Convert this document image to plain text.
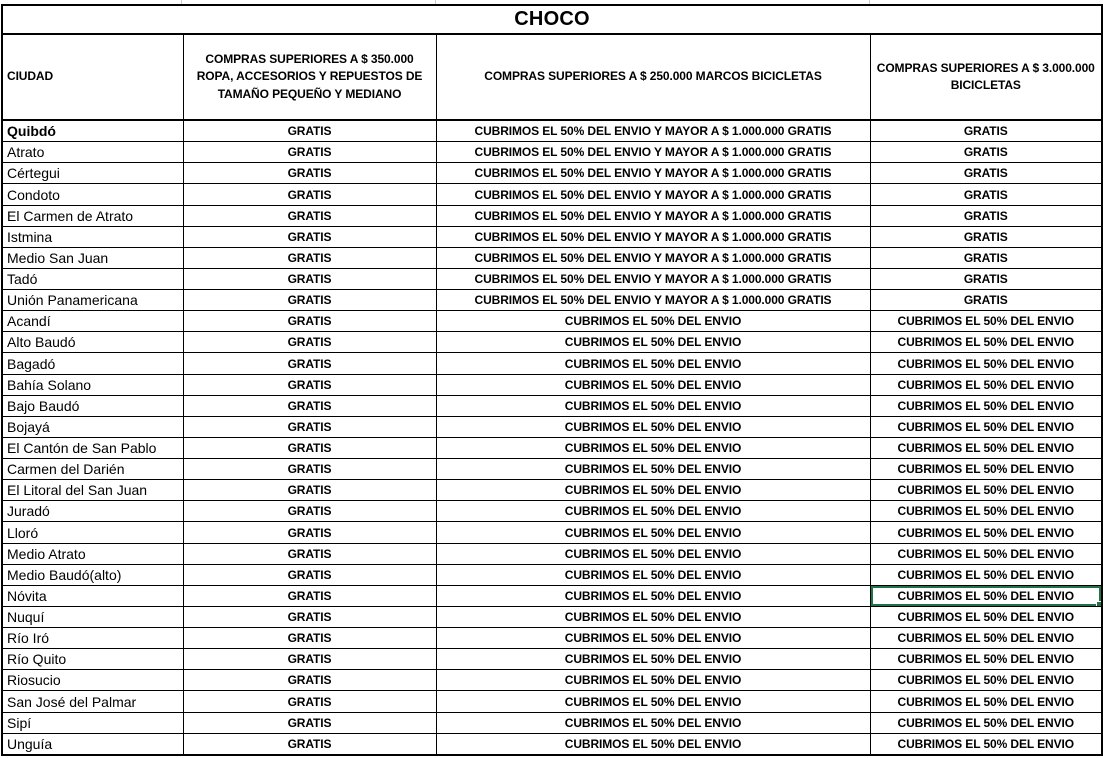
CHOCO			
CIUDAD	COMPRAS SUPERIORES A $ 350.000 ROPA, ACCESORIOS Y REPUESTOS DE TAMAÑO PEQUEÑO Y MEDIANO	COMPRAS SUPERIORES A $ 250.000 MARCOS BICICLETAS	COMPRAS SUPERIORES A $ 3.000.000 BICICLETAS
Quibdó	GRATIS	CUBRIMOS EL 50% DEL ENVIO Y MAYOR A $ 1.000.000 GRATIS	GRATIS
Atrato	GRATIS	CUBRIMOS EL 50% DEL ENVIO Y MAYOR A $ 1.000.000 GRATIS	GRATIS
Cértegui	GRATIS	CUBRIMOS EL 50% DEL ENVIO Y MAYOR A $ 1.000.000 GRATIS	GRATIS
Condoto	GRATIS	CUBRIMOS EL 50% DEL ENVIO Y MAYOR A $ 1.000.000 GRATIS	GRATIS
El Carmen de Atrato	GRATIS	CUBRIMOS EL 50% DEL ENVIO Y MAYOR A $ 1.000.000 GRATIS	GRATIS
Istmina	GRATIS	CUBRIMOS EL 50% DEL ENVIO Y MAYOR A $ 1.000.000 GRATIS	GRATIS
Medio San Juan	GRATIS	CUBRIMOS EL 50% DEL ENVIO Y MAYOR A $ 1.000.000 GRATIS	GRATIS
Tadó	GRATIS	CUBRIMOS EL 50% DEL ENVIO Y MAYOR A $ 1.000.000 GRATIS	GRATIS
Unión Panamericana	GRATIS	CUBRIMOS EL 50% DEL ENVIO Y MAYOR A $ 1.000.000 GRATIS	GRATIS
Acandí	GRATIS	CUBRIMOS EL 50% DEL ENVIO	CUBRIMOS EL 50% DEL ENVIO
Alto Baudó	GRATIS	CUBRIMOS EL 50% DEL ENVIO	CUBRIMOS EL 50% DEL ENVIO
Bagadó	GRATIS	CUBRIMOS EL 50% DEL ENVIO	CUBRIMOS EL 50% DEL ENVIO
Bahía Solano	GRATIS	CUBRIMOS EL 50% DEL ENVIO	CUBRIMOS EL 50% DEL ENVIO
Bajo Baudó	GRATIS	CUBRIMOS EL 50% DEL ENVIO	CUBRIMOS EL 50% DEL ENVIO
Bojayá	GRATIS	CUBRIMOS EL 50% DEL ENVIO	CUBRIMOS EL 50% DEL ENVIO
El Cantón de San Pablo	GRATIS	CUBRIMOS EL 50% DEL ENVIO	CUBRIMOS EL 50% DEL ENVIO
Carmen del Darién	GRATIS	CUBRIMOS EL 50% DEL ENVIO	CUBRIMOS EL 50% DEL ENVIO
El Litoral del San Juan	GRATIS	CUBRIMOS EL 50% DEL ENVIO	CUBRIMOS EL 50% DEL ENVIO
Juradó	GRATIS	CUBRIMOS EL 50% DEL ENVIO	CUBRIMOS EL 50% DEL ENVIO
Lloró	GRATIS	CUBRIMOS EL 50% DEL ENVIO	CUBRIMOS EL 50% DEL ENVIO
Medio Atrato	GRATIS	CUBRIMOS EL 50% DEL ENVIO	CUBRIMOS EL 50% DEL ENVIO
Medio Baudó(alto)	GRATIS	CUBRIMOS EL 50% DEL ENVIO	CUBRIMOS EL 50% DEL ENVIO
Nóvita	GRATIS	CUBRIMOS EL 50% DEL ENVIO	CUBRIMOS EL 50% DEL ENVIO

Nuquí	GRATIS	CUBRIMOS EL 50% DEL ENVIO	CUBRIMOS EL 50% DEL ENVIO
Río Iró	GRATIS	CUBRIMOS EL 50% DEL ENVIO	CUBRIMOS EL 50% DEL ENVIO
Río Quito	GRATIS	CUBRIMOS EL 50% DEL ENVIO	CUBRIMOS EL 50% DEL ENVIO
Riosucio	GRATIS	CUBRIMOS EL 50% DEL ENVIO	CUBRIMOS EL 50% DEL ENVIO
San José del Palmar	GRATIS	CUBRIMOS EL 50% DEL ENVIO	CUBRIMOS EL 50% DEL ENVIO
Sipí	GRATIS	CUBRIMOS EL 50% DEL ENVIO	CUBRIMOS EL 50% DEL ENVIO
Unguía	GRATIS	CUBRIMOS EL 50% DEL ENVIO	CUBRIMOS EL 50% DEL ENVIO
